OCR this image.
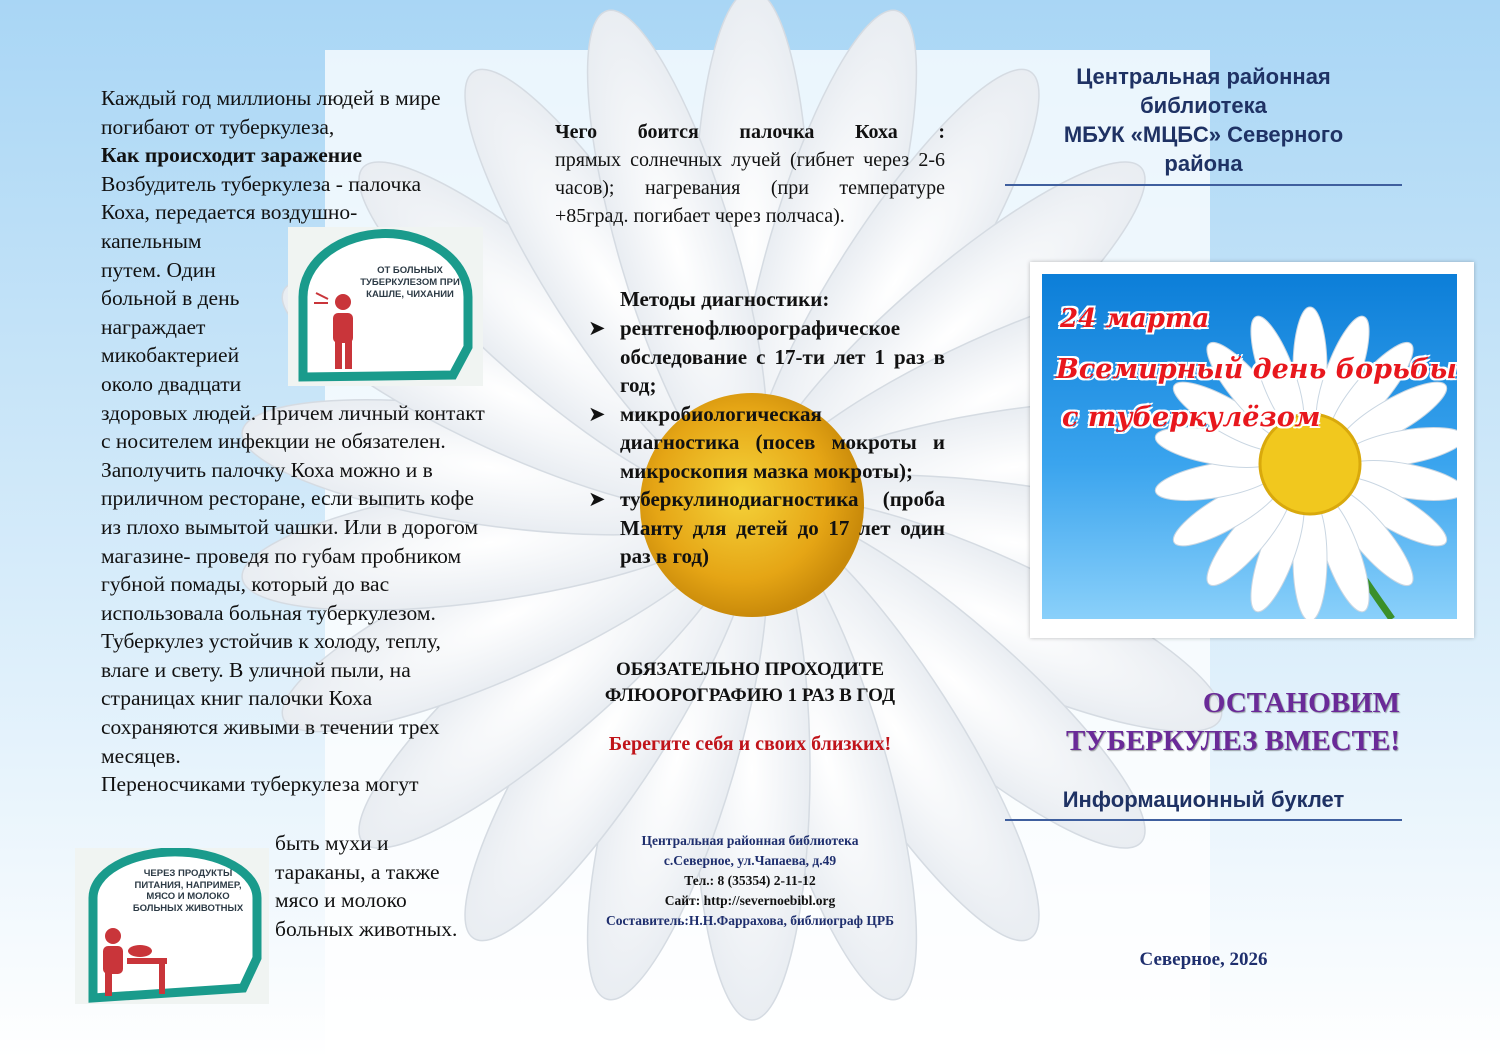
Каждый год миллионы людей в мире погибают от туберкулеза,

Как происходит заражение

Возбудитель туберкулеза - палочка

Коха, передается воздушно-

капельным

путем. Один

больной в день

награждает

микобактерией

около двадцати

здоровых людей. Причем личный контакт с носителем инфекции не обязателен. Заполучить палочку Коха можно и в приличном ресторане, если выпить кофе из плохо вымытой чашки. Или в дорогом магазине- проведя по губам пробником губной помады, который до вас использовала больная туберкулезом. Туберкулез устойчив к холоду, теплу, влаге и свету. В уличной пыли, на страницах книг палочки Коха сохраняются живыми в течении трех месяцев.

Переносчиками туберкулеза могут

быть мухи и
тараканы, а также
мясо и молоко
больных животных.
ОТ БОЛЬНЫХ ТУБЕРКУЛЕЗОМ ПРИ КАШЛЕ, ЧИХАНИИ
ЧЕРЕЗ ПРОДУКТЫ ПИТАНИЯ, НАПРИМЕР, МЯСО И МОЛОКО БОЛЬНЫХ ЖИВОТНЫХ
Чего боится палочка Коха :
прямых солнечных лучей (гибнет через 2-6 часов); нагревания (при температуре +85град. погибает через полчаса).
Методы диагностики:
➤ рентгенофлюорографическое обследование с 17-ти лет 1 раз в год;
➤ микробиологическая диагностика (посев мокроты и микроскопия мазка мокроты);
➤ туберкулинодиагностика (проба Манту для детей до 17 лет один раз в год)
ОБЯЗАТЕЛЬНО ПРОХОДИТЕ
ФЛЮОРОГРАФИЮ 1 РАЗ В ГОД
Берегите себя и своих близких!
Центральная районная библиотека
с.Северное, ул.Чапаева, д.49
Тел.: 8 (35354) 2-11-12
Сайт: http://severnoebibl.org
Составитель:Н.Н.Фаррахова, библиограф ЦРБ
Центральная районная
библиотека
МБУК «МЦБС» Северного
района
24 марта
Всемирный день борьбы
с туберкулёзом
ОСТАНОВИМ
ТУБЕРКУЛЕЗ ВМЕСТЕ!
Информационный буклет
Северное, 2026
